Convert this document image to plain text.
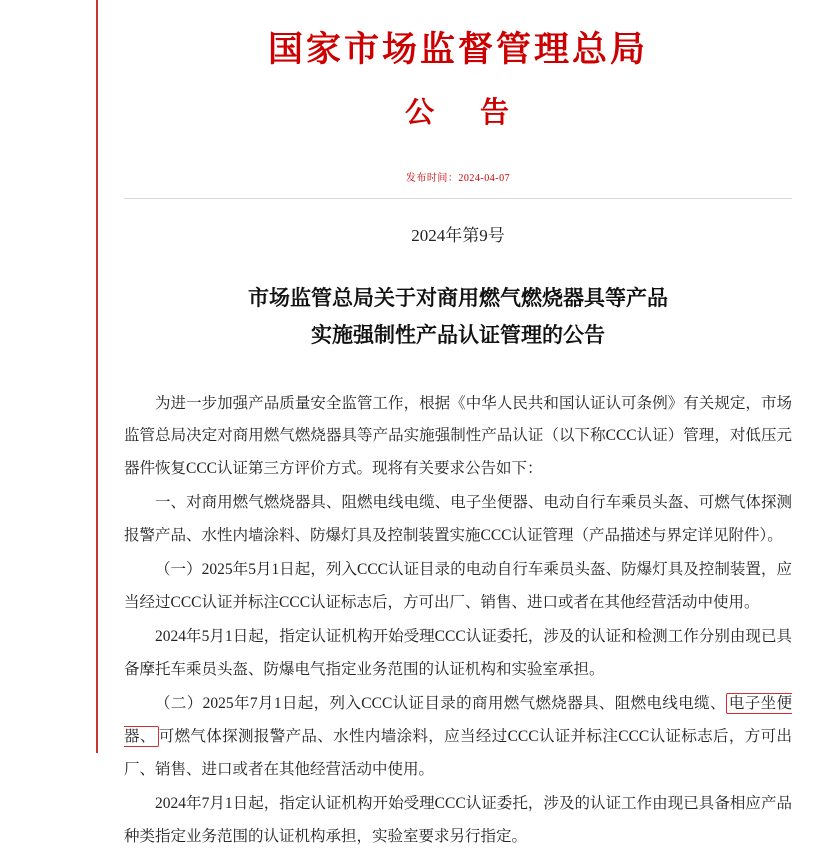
国家市场监督管理总局
公 告
发布时间：2024-04-07
2024年第9号
市场监管总局关于对商用燃气燃烧器具等产品
实施强制性产品认证管理的公告

为进一步加强产品质量安全监管工作，根据《中华人民共和国认证认可条例》有关规定，市场监管总局决定对商用燃气燃烧器具等产品实施强制性产品认证（以下称CCC认证）管理，对低压元器件恢复CCC认证第三方评价方式。现将有关要求公告如下：

一、对商用燃气燃烧器具、阻燃电线电缆、电子坐便器、电动自行车乘员头盔、可燃气体探测报警产品、水性内墙涂料、防爆灯具及控制装置实施CCC认证管理（产品描述与界定详见附件）。

（一）2025年5月1日起，列入CCC认证目录的电动自行车乘员头盔、防爆灯具及控制装置，应当经过CCC认证并标注CCC认证标志后，方可出厂、销售、进口或者在其他经营活动中使用。

2024年5月1日起，指定认证机构开始受理CCC认证委托，涉及的认证和检测工作分别由现已具备摩托车乘员头盔、防爆电气指定业务范围的认证机构和实验室承担。

（二）2025年7月1日起，列入CCC认证目录的商用燃气燃烧器具、阻燃电线电缆、 电子坐便器、 可燃气体探测报警产品、水性内墙涂料，应当经过CCC认证并标注CCC认证标志后，方可出厂、销售、进口或者在其他经营活动中使用。

2024年7月1日起，指定认证机构开始受理CCC认证委托，涉及的认证工作由现已具备相应产品种类指定业务范围的认证机构承担，实验室要求另行指定。
